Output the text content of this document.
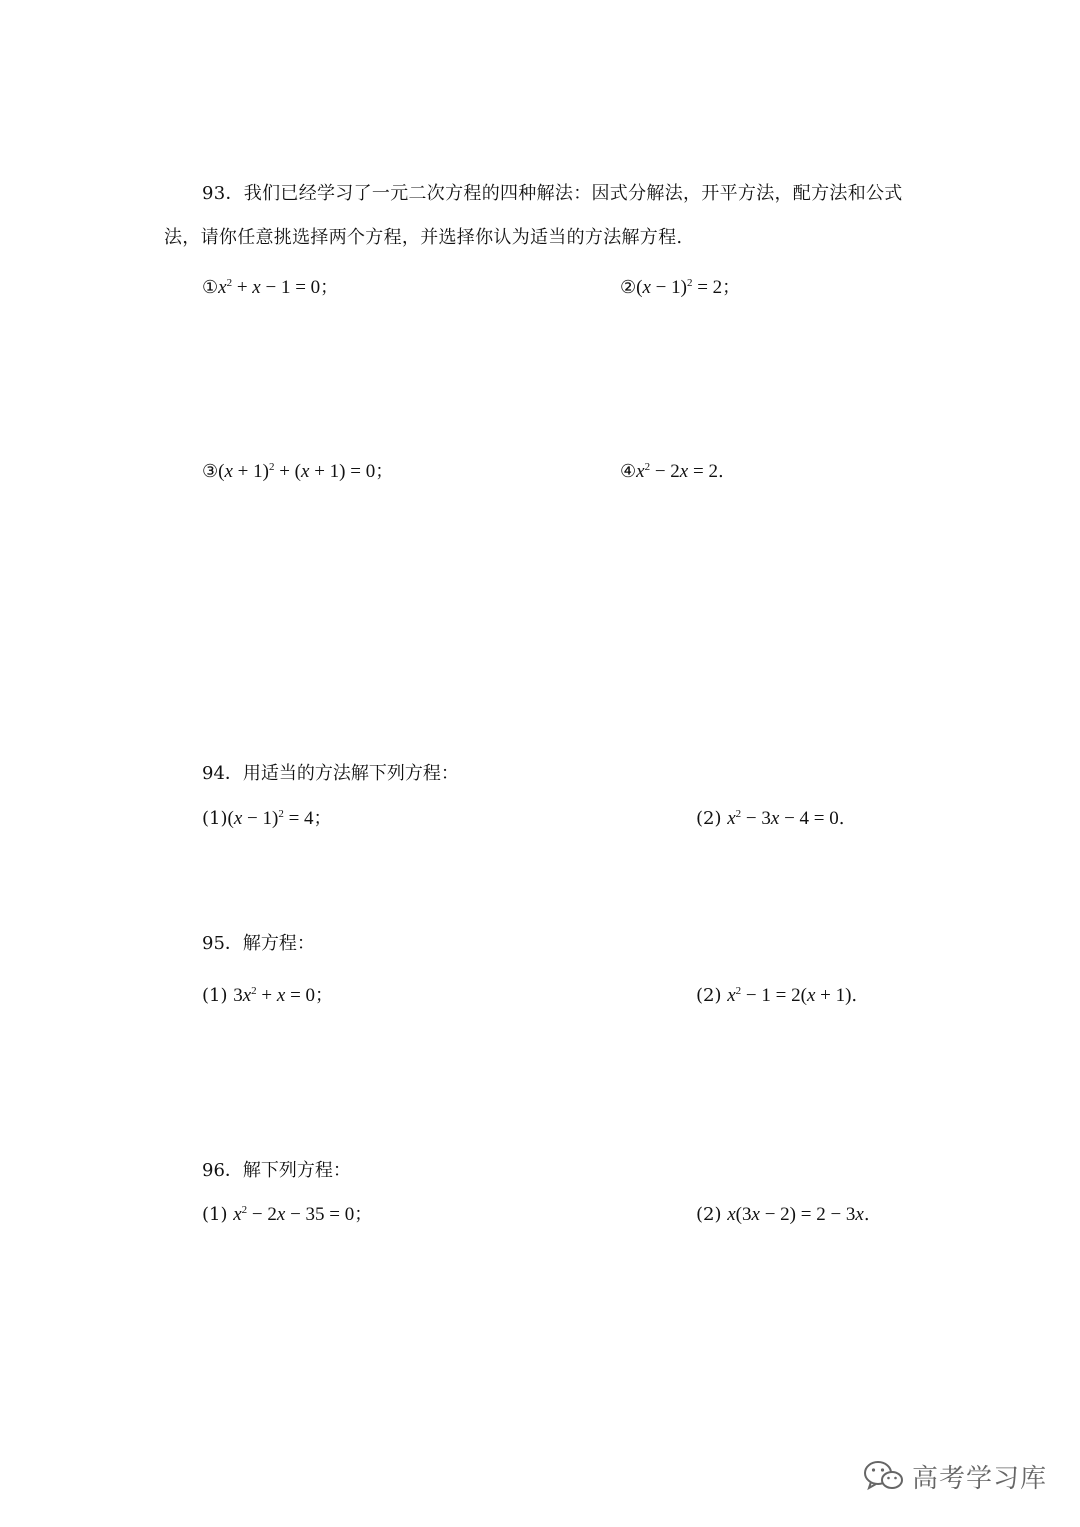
93．我们已经学习了一元二次方程的四种解法：因式分解法，开平方法，配方法和公式
法，请你任意挑选择两个方程，并选择你认为适当的方法解方程.
$①x^2 + x - 1 = 0$；	②(x − 1)$^2$ = 2；
③(x + 1)$^2$ + (x + 1) = 0；	$④x^2 - 2x = 2$.
94．用适当的方法解下列方程：
$(1)(x - 1)^2 = 4$；	(2) $x^2 - 3x - 4 = 0$.
95．解方程：
(1) $3x^2 + x = 0$；	(2) $x^2 - 1 = 2(x + 1)$.
96．解下列方程：
(1) $x^2 - 2x - 35 = 0$；	(2) x(3x − 2) = 2 − 3x.
高考学习库
